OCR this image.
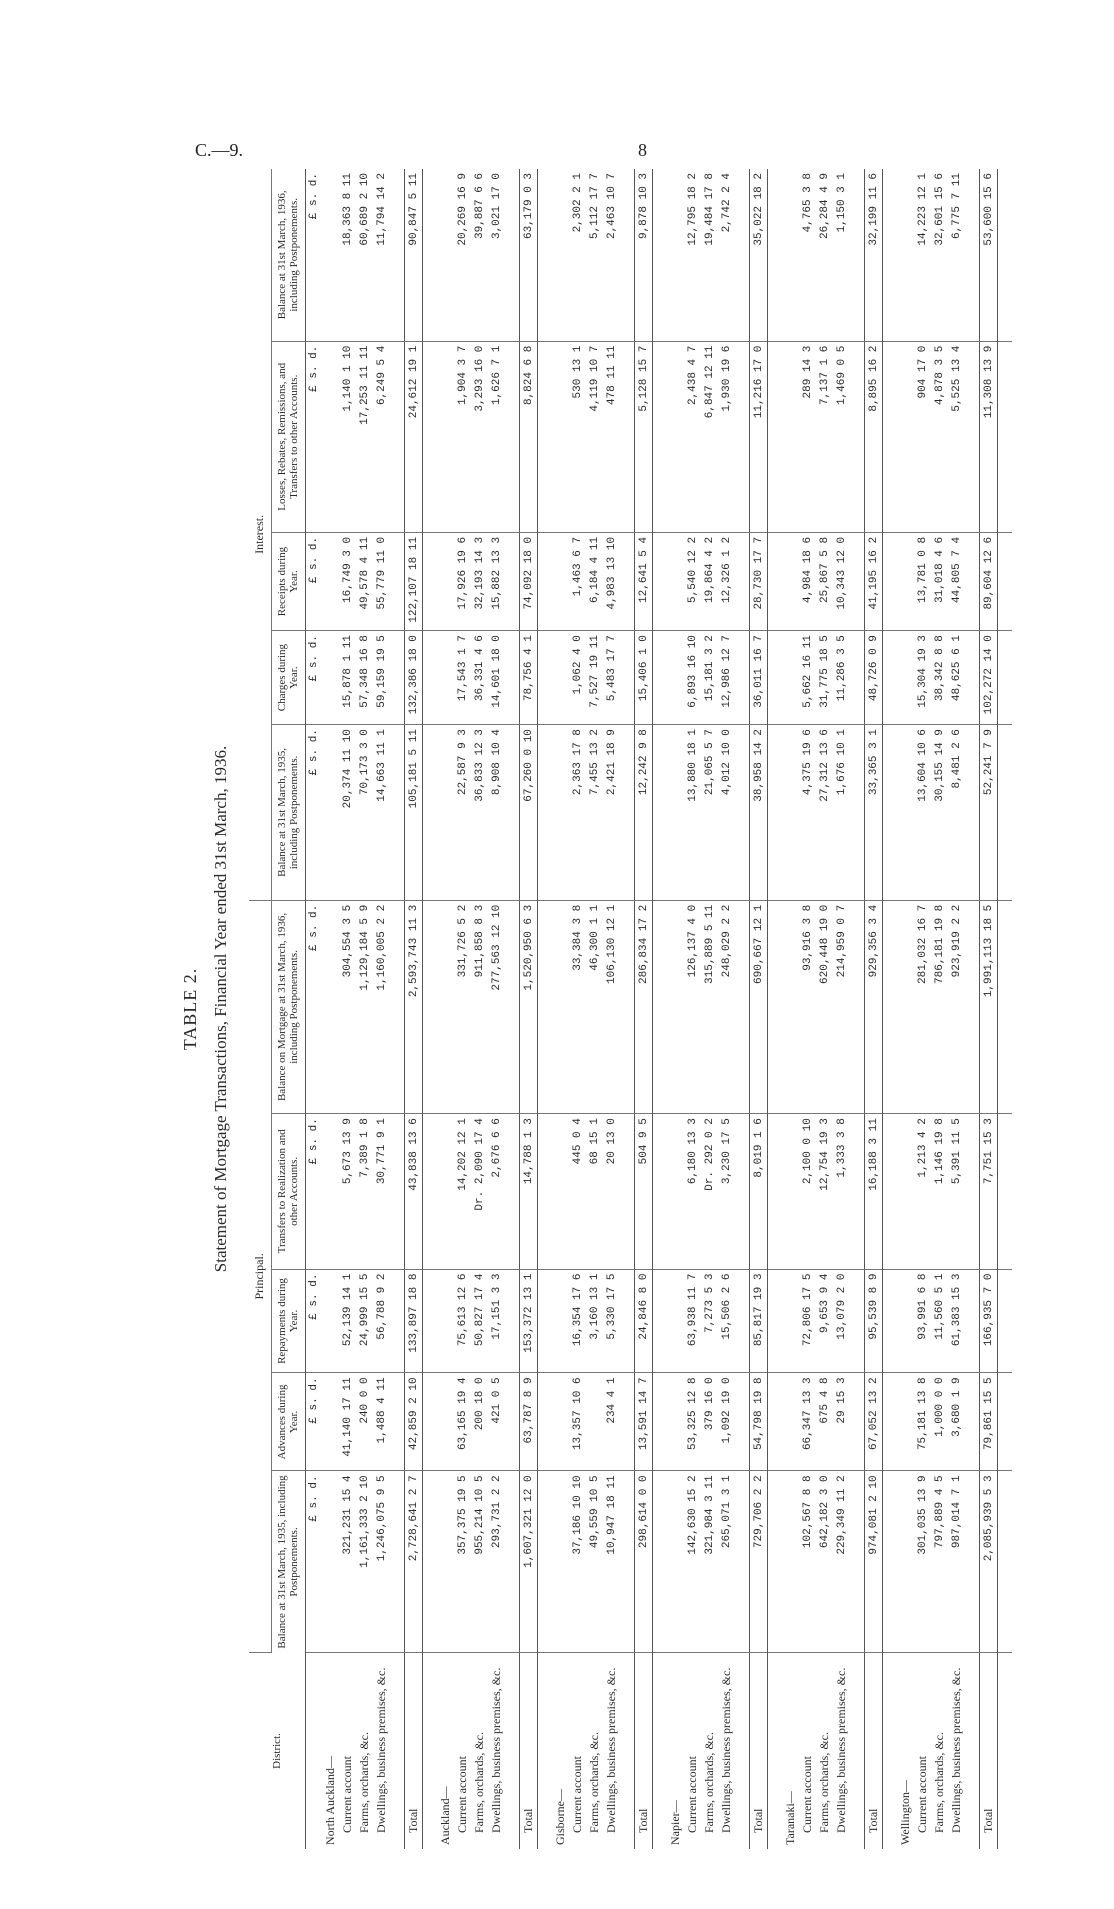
C.—9.	8
TABLE 2. Statement of Mortgage Transactions, Financial Year ended 31st March, 1936.
District.	Principal.					Interest.				
	Balance at 31st March, 1935, including Postponements.	Advances during Year.	Repayments during Year.	Transfers to Realization and other Accounts.	Balance on Mortgage at 31st March, 1936, including Postponements.	Balance at 31st March, 1935, including Postponements.	Charges during Year.	Receipts during Year.	Losses, Rebates, Remissions, and Transfers to other Accounts.	Balance at 31st March, 1936, including Postponements.
	£ s. d.	£ s. d.	£ s. d.	£ s. d.	£ s. d.	£ s. d.	£ s. d.	£ s. d.	£ s. d.	£ s. d.
North Auckland—										
Current account	321,231 15 4	41,140 17 11	52,139 14 1	5,673 13 9	304,554 3 5	20,374 11 10	15,878 1 11	16,749 3 0	1,140 1 10	18,363 8 11
Farms, orchards, &c.	1,161,333 2 10	240 0 0	24,999 15 5	7,389 1 8	1,129,184 5 9	70,173 3 0	57,348 16 8	49,578 4 11	17,253 11 11	60,689 2 10
Dwellings, business premises, &c.	1,246,075 9 5	1,488 4 11	56,788 9 2	30,771 9 1	1,160,005 2 2	14,663 11 1	59,159 19 5	55,779 11 0	6,249 5 4	11,794 14 2

Total	2,728,641 2 7	42,859 2 10	133,897 18 8	43,838 13 6	2,593,743 11 3	105,181 5 11	132,386 18 0	122,107 18 11	24,612 19 1	90,847 5 11

Auckland—										
Current account	357,375 19 5	63,165 19 4	75,613 12 6	14,202 12 1	331,726 5 2	22,587 9 3	17,543 1 7	17,926 19 6	1,904 3 7	20,269 16 9
Farms, orchards, &c.	955,214 10 5	200 18 0	50,827 17 4	Dr. 2,090 17 4	911,858 8 3	36,833 12 3	36,331 4 6	32,193 14 3	3,293 16 0	39,887 6 6
Dwellings, business premises, &c.	293,731 2 2	421 0 5	17,151 3 3	2,676 6 6	277,563 12 10	8,908 10 4	14,601 18 0	15,882 13 3	1,626 7 1	3,021 17 0

Total	1,607,321 12 0	63,787 8 9	153,372 13 1	14,788 1 3	1,520,950 6 3	67,260 0 10	78,756 4 1	74,092 18 0	8,824 6 8	63,179 0 3

Gisborne—										
Current account	37,186 10 10	13,357 10 6	16,354 17 6	445 0 4	33,384 3 8	2,363 17 8	1,062 4 0	1,463 6 7	530 13 1	2,302 2 1
Farms, orchards, &c.	49,559 10 5		3,160 13 1	68 15 1	46,300 1 1	7,455 13 2	7,527 19 11	6,184 4 11	4,119 10 7	5,112 17 7
Dwellings, business premises, &c.	10,947 18 11	234 4 1	5,330 17 5	20 13 0	106,130 12 1	2,421 18 9	5,483 17 7	4,983 13 10	478 11 11	2,463 10 7

Total	298,614 0 0	13,591 14 7	24,846 8 0	504 9 5	286,834 17 2	12,242 9 8	15,406 1 0	12,641 5 4	5,128 15 7	9,878 10 3

Napier—										
Current account	142,630 15 2	53,325 12 8	63,938 11 7	6,180 13 3	126,137 4 0	13,880 18 1	6,893 16 10	5,540 12 2	2,438 4 7	12,795 18 2
Farms, orchards, &c.	321,984 3 11	379 16 0	7,273 5 3	Dr. 292 0 2	315,889 5 11	21,065 5 7	15,181 3 2	19,864 4 2	6,847 12 11	19,484 17 8
Dwellings, business premises, &c.	265,071 3 1	1,092 19 0	15,506 2 6	3,230 17 5	248,029 2 2	4,012 10 0	12,986 12 7	12,326 1 2	1,930 19 6	2,742 2 4

Total	729,706 2 2	54,798 19 8	85,817 19 3	8,019 1 6	690,667 12 1	38,958 14 2	36,011 16 7	28,730 17 7	11,216 17 0	35,022 18 2

Taranaki—										
Current account	102,567 8 8	66,347 13 3	72,806 17 5	2,100 0 10	93,916 3 8	4,375 19 6	5,662 16 11	4,984 18 6	289 14 3	4,765 3 8
Farms, orchards, &c.	642,182 3 0	675 4 8	9,653 9 4	12,754 19 3	620,448 19 0	27,312 13 6	31,775 18 5	25,867 5 8	7,137 1 6	26,284 4 9
Dwellings, business premises, &c.	229,349 11 2	29 15 3	13,079 2 0	1,333 3 8	214,959 0 7	1,676 10 1	11,286 3 5	10,343 12 0	1,469 0 5	1,150 3 1

Total	974,081 2 10	67,052 13 2	95,539 8 9	16,188 3 11	929,356 3 4	33,365 3 1	48,726 0 9	41,195 16 2	8,895 16 2	32,199 11 6

Wellington—										
Current account	301,035 13 9	75,181 13 8	93,991 6 8	1,213 4 2	281,032 16 7	13,604 10 6	15,304 19 3	13,781 0 8	904 17 0	14,223 12 1
Farms, orchards, &c.	797,889 4 5	1,000 0 0	11,560 5 1	1,146 19 8	786,181 19 8	30,155 14 9	38,342 8 8	31,018 4 6	4,878 3 5	32,601 15 6
Dwellings, business premises, &c.	987,014 7 1	3,680 1 9	61,383 15 3	5,391 11 5	923,919 2 2	8,481 2 6	48,625 6 1	44,805 7 4	5,525 13 4	6,775 7 11

Total	2,085,939 5 3	79,861 15 5	166,935 7 0	7,751 15 3	1,991,113 18 5	52,241 7 9	102,272 14 0	89,604 12 6	11,308 13 9	53,600 15 6
